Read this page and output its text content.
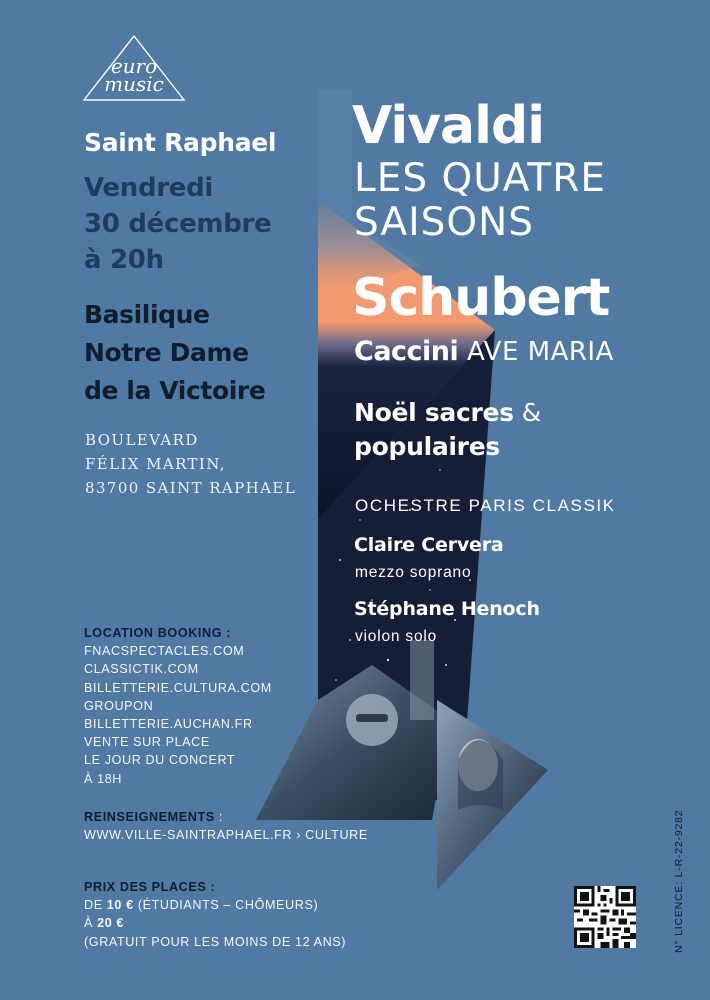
euro
music
Saint Raphael
Vendredi
30 décembre
à 20h
Basilique
Notre Dame
de la Victoire
BOULEVARD
FÉLIX MARTIN,
83700 SAINT RAPHAEL
LOCATION BOOKING :
FNACSPECTACLES.COM
CLASSICTIK.COM
BILLETTERIE.CULTURA.COM
GROUPON
BILLETTERIE.AUCHAN.FR
VENTE SUR PLACE
LE JOUR DU CONCERT
À 18H
REINSEIGNEMENTS :
WWW.VILLE-SAINTRAPHAEL.FR › CULTURE
PRIX DES PLACES :
DE 10 € (ÉTUDIANTS – CHÔMEURS)
À 20 €
(GRATUIT POUR LES MOINS DE 12 ANS)
Vivaldi
LES QUATRE
SAISONS
Schubert
Caccini AVE MARIA
Noël sacres &
populaires
OCHESTRE PARIS CLASSIK
Claire Cervera
mezzo soprano
Stéphane Henoch
violon solo
N° LICENCE: L-R-22-9282
